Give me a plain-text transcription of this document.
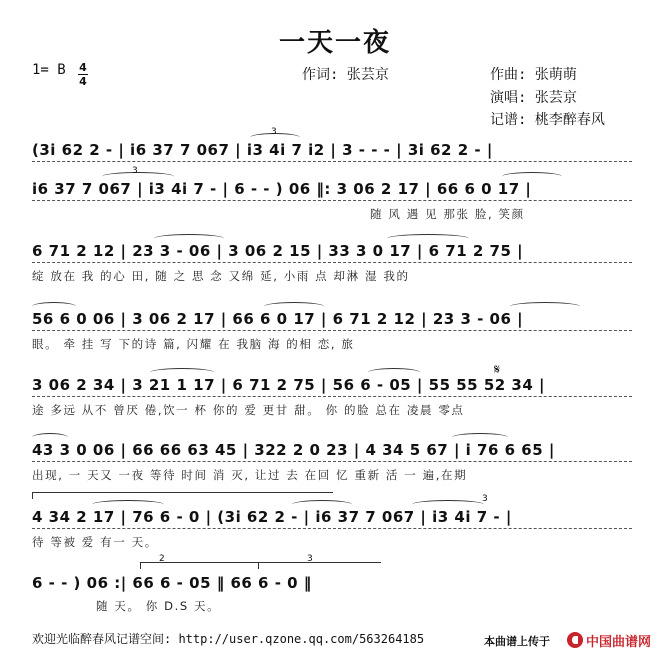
一天一夜
1= B 4
4	作词: 张芸京	作曲: 张萌萌
演唱: 张芸京
记谱: 桃李醉春风
3
(3i 62 2 - | i6 37 7 067 | i3 4i 7 i2 | 3 - - - | 3i 62 2 - |
3
i6 37 7 067 | i3 4i 7 - | 6 - - ) 06 ‖: 3 06 2 17 | 66 6 0 17 |
随 风 遇 见 那张 脸, 笑颜
6 71 2 12 | 23 3 - 06 | 3 06 2 15 | 33 3 0 17 | 6 71 2 75 |
绽 放在 我 的心 田, 随 之 思 念 又绵 延, 小雨 点 却淋 湿 我的
56 6 0 06 | 3 06 2 17 | 66 6 0 17 | 6 71 2 12 | 23 3 - 06 |
眼。 牵 挂 写 下的诗 篇, 闪耀 在 我脑 海 的相 恋, 旅
𝄋
3 06 2 34 | 3 21 1 17 | 6 71 2 75 | 56 6 - 05 | 55 55 52 34 |
途 多远 从不 曾厌 倦,饮一 杯 你的 爱 更甘 甜。 你 的脸 总在 凌晨 零点
43 3 0 06 | 66 66 63 45 | 322 2 0 23 | 4 34 5 67 | i 76 6 65 |
出现, 一 天又 一夜 等待 时间 消 灭, 让过 去 在回 忆 重新 活 一 遍,在期
3
4 34 2 17 | 76 6 - 0 | (3i 62 2 - | i6 37 7 067 | i3 4i 7 - |
待 等被 爱 有一 天。
2	3
6 - - ) 06 :| 66 6 - 05 ‖ 66 6 - 0 ‖
随 天。 你 D.S 天。
欢迎光临醉春风记谱空间: http://user.qzone.qq.com/563264185	本曲谱上传于	中国曲谱网
